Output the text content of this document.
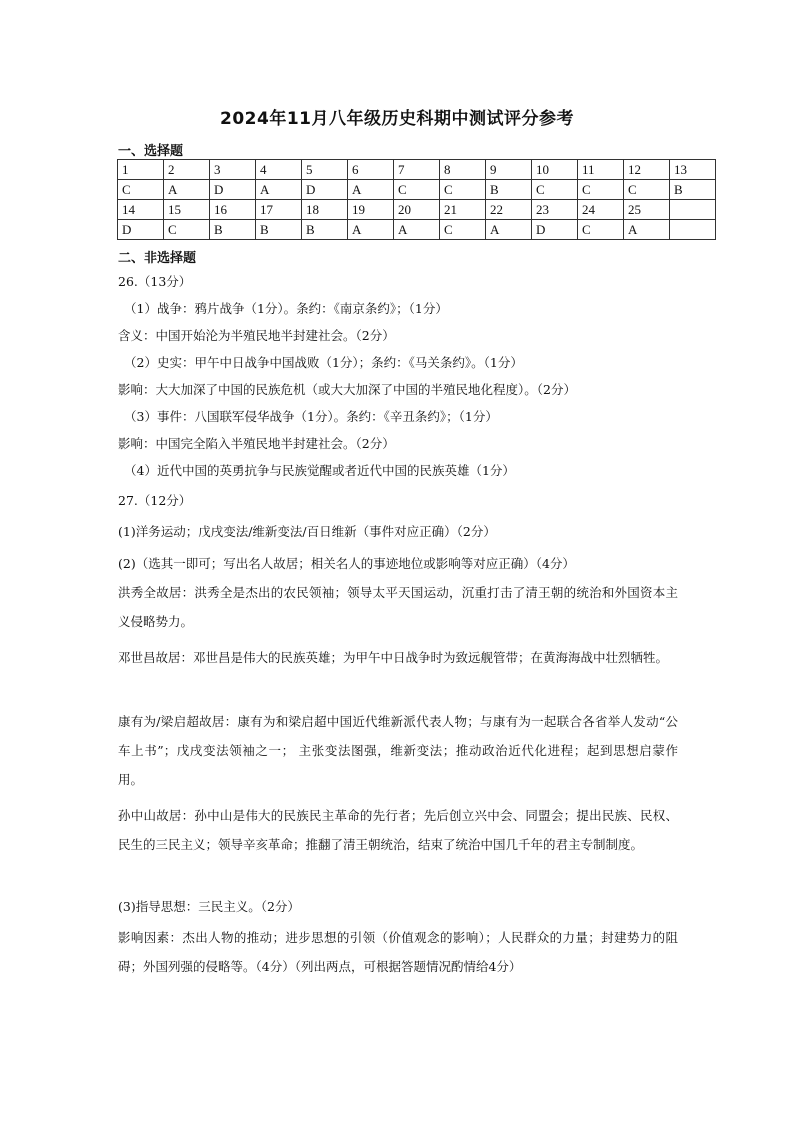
2024年11月八年级历史科期中测试评分参考
一、选择题
1	2	3	4	5	6	7	8	9	10	11	12	13
C	A	D	A	D	A	C	C	B	C	C	C	B
14	15	16	17	18	19	20	21	22	23	24	25	
D	C	B	B	B	A	A	C	A	D	C	A	
二、非选择题
26.（13分）
（1）战争：鸦片战争（1分）。条约：《南京条约》；（1分）
含义：中国开始沦为半殖民地半封建社会。（2分）
（2）史实：甲午中日战争中国战败（1分）；条约：《马关条约》。（1分）
影响：大大加深了中国的民族危机（或大大加深了中国的半殖民地化程度）。（2分）
（3）事件：八国联军侵华战争（1分）。条约：《辛丑条约》；（1分）
影响：中国完全陷入半殖民地半封建社会。（2分）
（4）近代中国的英勇抗争与民族觉醒或者近代中国的民族英雄（1分）
27.（12分）
(1)洋务运动；戊戌变法/维新变法/百日维新（事件对应正确）（2分）
(2)（选其一即可；写出名人故居；相关名人的事迹地位或影响等对应正确）（4分）
洪秀全故居：洪秀全是杰出的农民领袖；领导太平天国运动，沉重打击了清王朝的统治和外国资本主义侵略势力。
邓世昌故居：邓世昌是伟大的民族英雄；为甲午中日战争时为致远舰管带；在黄海海战中壮烈牺牲。
康有为/梁启超故居：康有为和梁启超中国近代维新派代表人物；与康有为一起联合各省举人发动“公车上书”；戊戌变法领袖之一； 主张变法图强，维新变法；推动政治近代化进程；起到思想启蒙作用。
孙中山故居：孙中山是伟大的民族民主革命的先行者；先后创立兴中会、同盟会；提出民族、民权、民生的三民主义；领导辛亥革命；推翻了清王朝统治，结束了统治中国几千年的君主专制制度。
(3)指导思想：三民主义。（2分）
影响因素：杰出人物的推动；进步思想的引领（价值观念的影响）；人民群众的力量；封建势力的阻碍；外国列强的侵略等。（4分）（列出两点，可根据答题情况酌情给4分）
